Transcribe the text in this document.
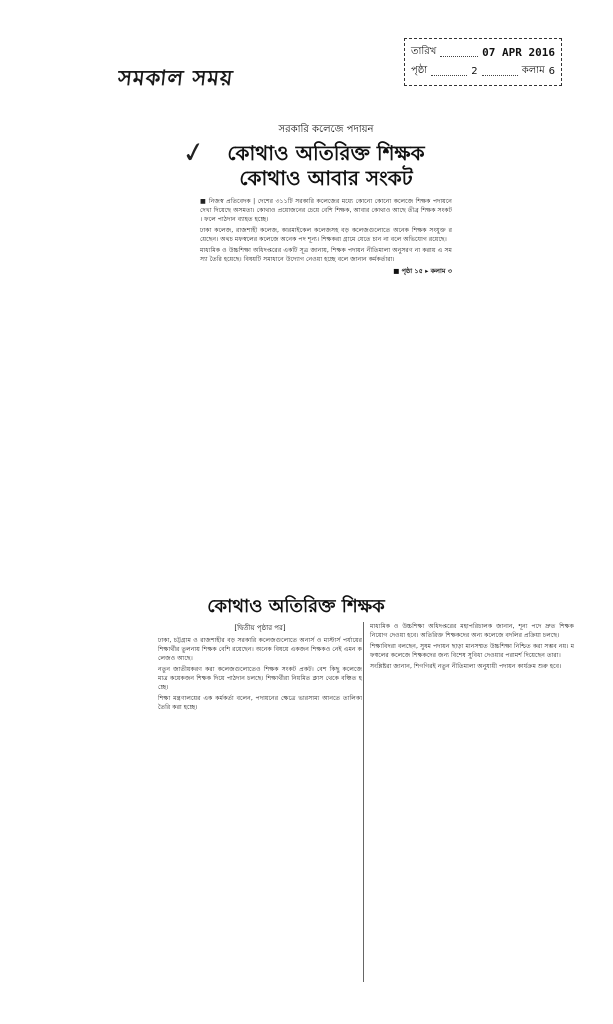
সমকাল সময়
তারিখ	07 APR 2016
পৃষ্ঠা	2	কলাম 6
✓
সরকারি কলেজে পদায়ন
কোথাও অতিরিক্ত শিক্ষক
কোথাও আবার সংকট

■ নিজস্ব প্রতিবেদক | দেশের ৩১১টি সরকারি কলেজের মধ্যে কোনো কোনো কলেজে শিক্ষক পদায়নে দেখা দিয়েছে অসমতা। কোথাও প্রয়োজনের চেয়ে বেশি শিক্ষক, আবার কোথাও আছে তীব্র শিক্ষক সংকট। ফলে পাঠদান ব্যাহত হচ্ছে।

ঢাকা কলেজ, রাজশাহী কলেজ, কারমাইকেল কলেজসহ বড় কলেজগুলোতে অনেক শিক্ষক সংযুক্ত রয়েছেন। অথচ মফস্বলের কলেজে অনেক পদ শূন্য। শিক্ষকরা গ্রামে যেতে চান না বলে অভিযোগ রয়েছে।

মাধ্যমিক ও উচ্চশিক্ষা অধিদপ্তরের একটি সূত্র জানায়, শিক্ষক পদায়ন নীতিমালা অনুসরণ না করায় এ সমস্যা তৈরি হয়েছে। বিষয়টি সমাধানে উদ্যোগ নেওয়া হচ্ছে বলে জানান কর্মকর্তারা।

■ পৃষ্ঠা ১৫ ▸ কলাম ৩
কোথাও অতিরিক্ত শিক্ষক
[দ্বিতীয় পৃষ্ঠার পর]

ঢাকা, চট্টগ্রাম ও রাজশাহীর বড় সরকারি কলেজগুলোতে অনার্স ও মাস্টার্স পর্যায়ের শিক্ষার্থীর তুলনায় শিক্ষক বেশি রয়েছেন। অনেক বিষয়ে একজন শিক্ষকও নেই এমন কলেজও আছে।

নতুন জাতীয়করণ করা কলেজগুলোতেও শিক্ষক সংকট প্রকট। বেশ কিছু কলেজে মাত্র কয়েকজন শিক্ষক দিয়ে পাঠদান চলছে। শিক্ষার্থীরা নিয়মিত ক্লাস থেকে বঞ্চিত হচ্ছে।

শিক্ষা মন্ত্রণালয়ের এক কর্মকর্তা বলেন, পদায়নের ক্ষেত্রে ভারসাম্য আনতে তালিকা তৈরি করা হচ্ছে।

মাধ্যমিক ও উচ্চশিক্ষা অধিদপ্তরের মহাপরিচালক জানান, শূন্য পদে দ্রুত শিক্ষক নিয়োগ দেওয়া হবে। অতিরিক্ত শিক্ষকদের অন্য কলেজে বদলির প্রক্রিয়া চলছে।

শিক্ষাবিদরা বলছেন, সুষম পদায়ন ছাড়া মানসম্মত উচ্চশিক্ষা নিশ্চিত করা সম্ভব নয়। মফস্বলের কলেজে শিক্ষকদের জন্য বিশেষ সুবিধা দেওয়ার পরামর্শ দিয়েছেন তারা।

সংশ্লিষ্টরা জানান, শিগগিরই নতুন নীতিমালা অনুযায়ী পদায়ন কার্যক্রম শুরু হবে।
